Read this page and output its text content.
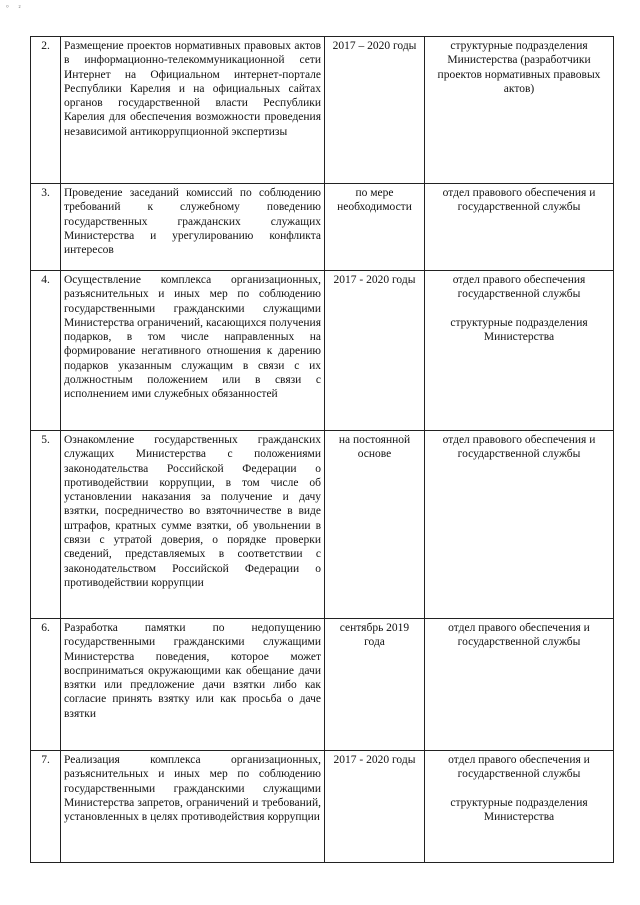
° ²
2.	Размещение проектов нормативных правовых актов в информационно-телекоммуникационной сети Интернет на Официальном интернет-портале Республики Карелия и на официальных сайтах органов государственной власти Республики Карелия для обеспечения возможности проведения независимой антикоррупционной экспертизы	2017 – 2020 годы	структурные подразделения Министерства (разработчики проектов нормативных правовых актов)

3.	Проведение заседаний комиссий по соблюдению требований к служебному поведению государственных гражданских служащих Министерства и урегулированию конфликта интересов	по мере необходимости	отдел правового обеспечения и государственной службы

4.	Осуществление комплекса организационных, разъяснительных и иных мер по соблюдению государственными гражданскими служащими Министерства ограничений, касающихся получения подарков, в том числе направленных на формирование негативного отношения к дарению подарков указанным служащим в связи с их должностным положением или в связи с исполнением ими служебных обязанностей	2017 - 2020 годы	отдел правого обеспечения государственной службы
структурные подразделения Министерства

5.	Ознакомление государственных гражданских служащих Министерства с положениями законодательства Российской Федерации о противодействии коррупции, в том числе об установлении наказания за получение и дачу взятки, посредничество во взяточничестве в виде штрафов, кратных сумме взятки, об увольнении в связи с утратой доверия, о порядке проверки сведений, представляемых в соответствии с законодательством Российской Федерации о противодействии коррупции	на постоянной основе	отдел правового обеспечения и государственной службы

6.	Разработка памятки по недопущению государственными гражданскими служащими Министерства поведения, которое может восприниматься окружающими как обещание дачи взятки или предложение дачи взятки либо как согласие принять взятку или как просьба о даче взятки	сентябрь 2019 года	отдел правого обеспечения и государственной службы

7.	Реализация комплекса организационных, разъяснительных и иных мер по соблюдению государственными гражданскими служащими Министерства запретов, ограничений и требований, установленных в целях противодействия коррупции	2017 - 2020 годы	отдел правого обеспечения и государственной службы
структурные подразделения Министерства
